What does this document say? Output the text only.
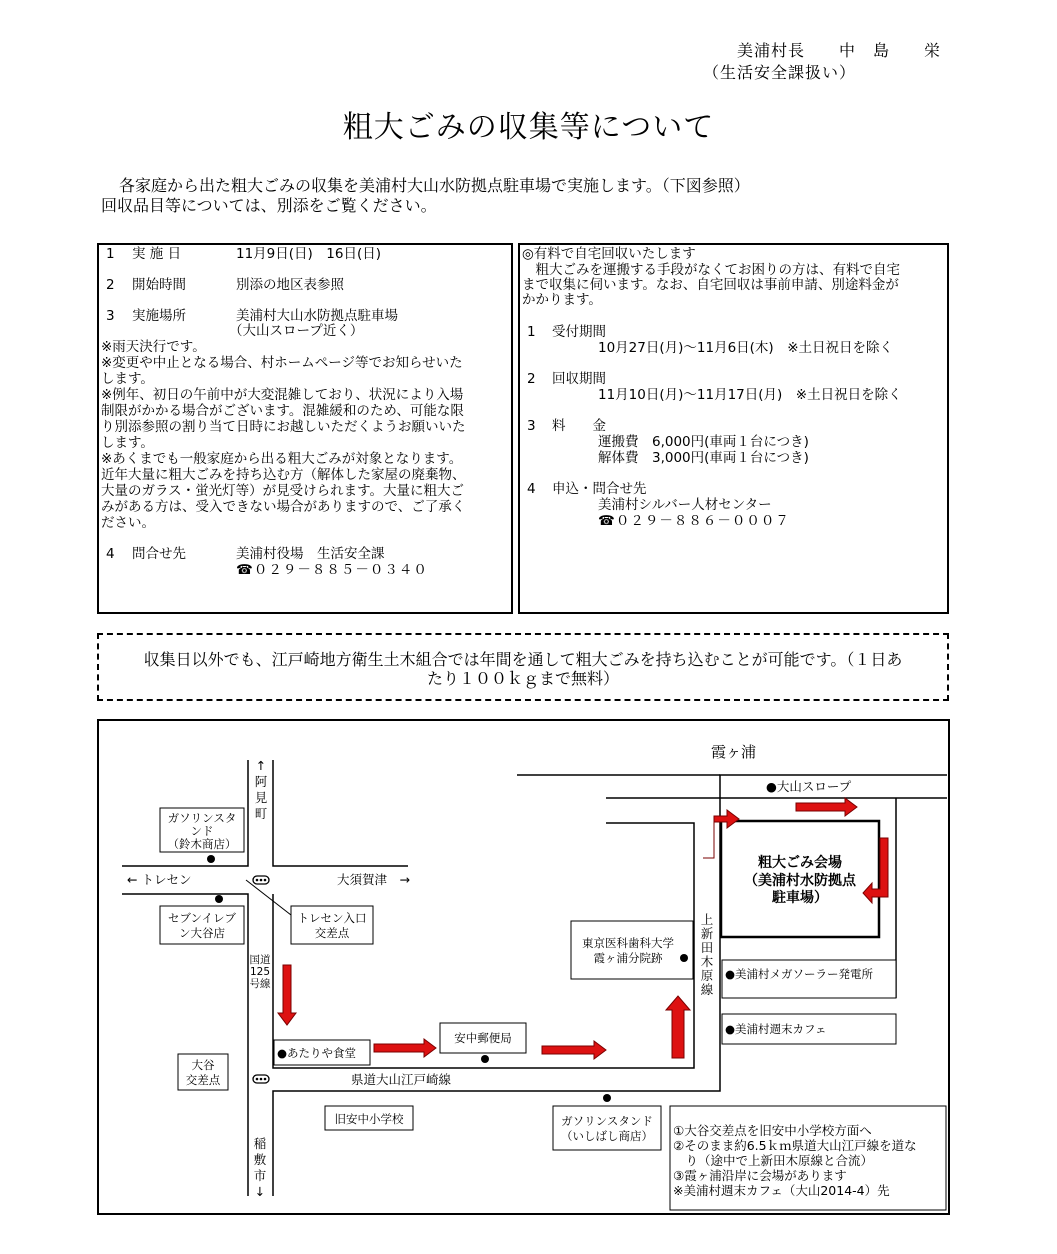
美浦村長　　中　島　　栄
（生活安全課扱い）
粗大ごみの収集等について
各家庭から出た粗大ごみの収集を美浦村大山水防拠点駐車場で実施します。（下図参照）
回収品目等については、別添をご覧ください。
1 実 施 日	11月9日(日)　16日(日)
2 開始時間	別添の地区表参照
3 実施場所	美浦村大山水防拠点駐車場
（大山スロープ近く）
※雨天決行です。
※変更や中止となる場合、村ホームページ等でお知らせいた
します。
※例年、初日の午前中が大変混雑しており、状況により入場
制限がかかる場合がございます。混雑緩和のため、可能な限
り別添参照の割り当て日時にお越しいただくようお願いいた
します。
※あくまでも一般家庭から出る粗大ごみが対象となります。
近年大量に粗大ごみを持ち込む方（解体した家屋の廃棄物、
大量のガラス・蛍光灯等）が見受けられます。大量に粗大ご
みがある方は、受入できない場合がありますので、ご了承く
ださい。
4 問合せ先	美浦村役場　生活安全課
☎０２９－８８５－０３４０
◎有料で自宅回収いたします
　粗大ごみを運搬する手段がなくてお困りの方は、有料で自宅
まで収集に伺います。なお、自宅回収は事前申請、別途料金が
かかります。
1 受付期間
10月27日(月)～11月6日(木)　※土日祝日を除く
2 回収期間
11月10日(月)～11月17日(月)　※土日祝日を除く
3 料　　金
運搬費　6,000円(車両１台につき)
解体費　3,000円(車両１台につき)
4 申込・問合せ先
美浦村シルバー人材センター
☎０２９－８８６－０００７
収集日以外でも、江戸崎地方衛生土木組合では年間を通して粗大ごみを持ち込むことが可能です。（１日あ
たり１００ｋｇまで無料）
霞ヶ浦
●大山スロープ
粗大ごみ会場
（美浦村水防拠点
駐車場）
↑
阿
見
町
ガソリンスタ
ンド
（鈴木商店）
← トレセン	大須賀津　→
セブンイレブ
ン大谷店
トレセン入口
交差点
国道
125
号線
東京医科歯科大学
霞ヶ浦分院跡
上
新
田
木
原
線
●美浦村メガソーラー発電所
●美浦村週末カフェ
●あたりや食堂
安中郵便局
大谷
交差点	県道大山江戸崎線
旧安中小学校	ガソリンスタンド
（いしばし商店）
稲
敷
市
↓
①大谷交差点を旧安中小学校方面へ
②そのまま約6.5ｋｍ県道大山江戸線を道な
　り（途中で上新田木原線と合流）
③霞ヶ浦沿岸に会場があります
※美浦村週末カフェ（大山2014-4）先
